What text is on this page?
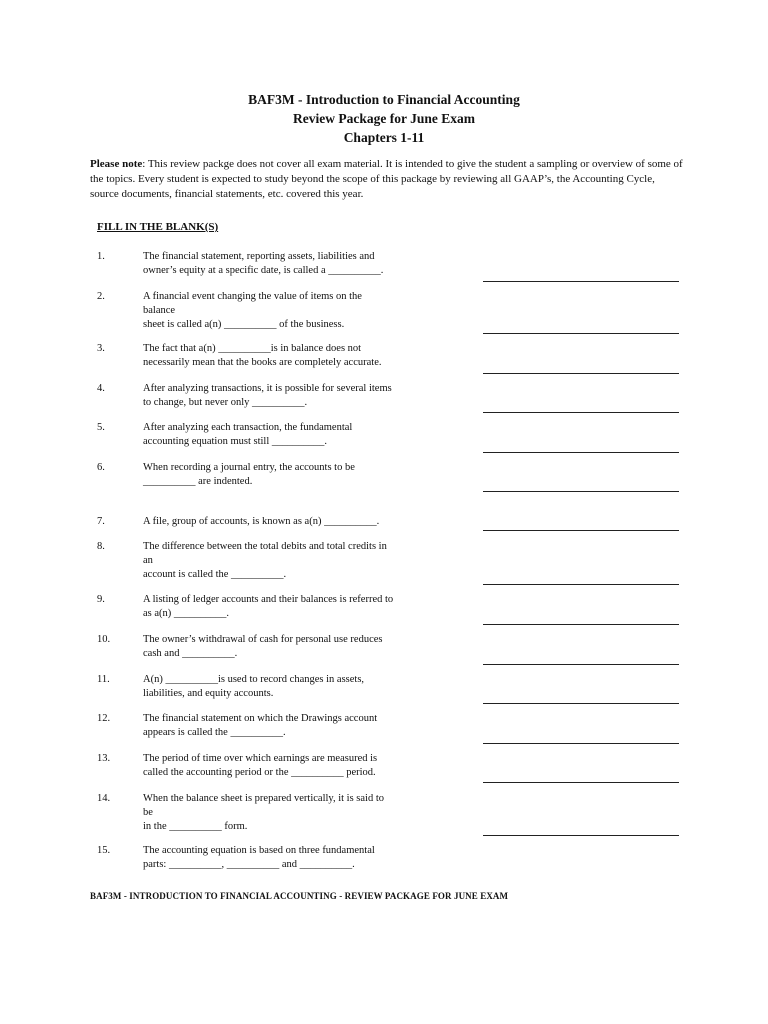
BAF3M - Introduction to Financial Accounting
Review Package for June Exam
Chapters 1-11
Please note: This review packge does not cover all exam material. It is intended to give the student a sampling or overview of some of the topics. Every student is expected to study beyond the scope of this package by reviewing all GAAP’s, the Accounting Cycle, source documents, financial statements, etc. covered this year.
FILL IN THE BLANK(S)
1.	The financial statement, reporting assets, liabilities and
owner’s equity at a specific date, is called a __________.
2.	A financial event changing the value of items on the
balance
sheet is called a(n) __________ of the business.
3.	The fact that a(n) __________is in balance does not
necessarily mean that the books are completely accurate.
4.	After analyzing transactions, it is possible for several items
to change, but never only __________.
5.	After analyzing each transaction, the fundamental
accounting equation must still __________.
6.	When recording a journal entry, the accounts to be
__________ are indented.
7.	A file, group of accounts, is known as a(n) __________.
8.	The difference between the total debits and total credits in
an
account is called the __________.
9.	A listing of ledger accounts and their balances is referred to
as a(n) __________.
10.	The owner’s withdrawal of cash for personal use reduces
cash and __________.
11.	A(n) __________is used to record changes in assets,
liabilities, and equity accounts.
12.	The financial statement on which the Drawings account
appears is called the __________.
13.	The period of time over which earnings are measured is
called the accounting period or the __________ period.
14.	When the balance sheet is prepared vertically, it is said to
be
in the __________ form.
15.	The accounting equation is based on three fundamental
parts: __________, __________ and __________.
BAF3M - INTRODUCTION TO FINANCIAL ACCOUNTING - REVIEW PACKAGE FOR JUNE EXAM
